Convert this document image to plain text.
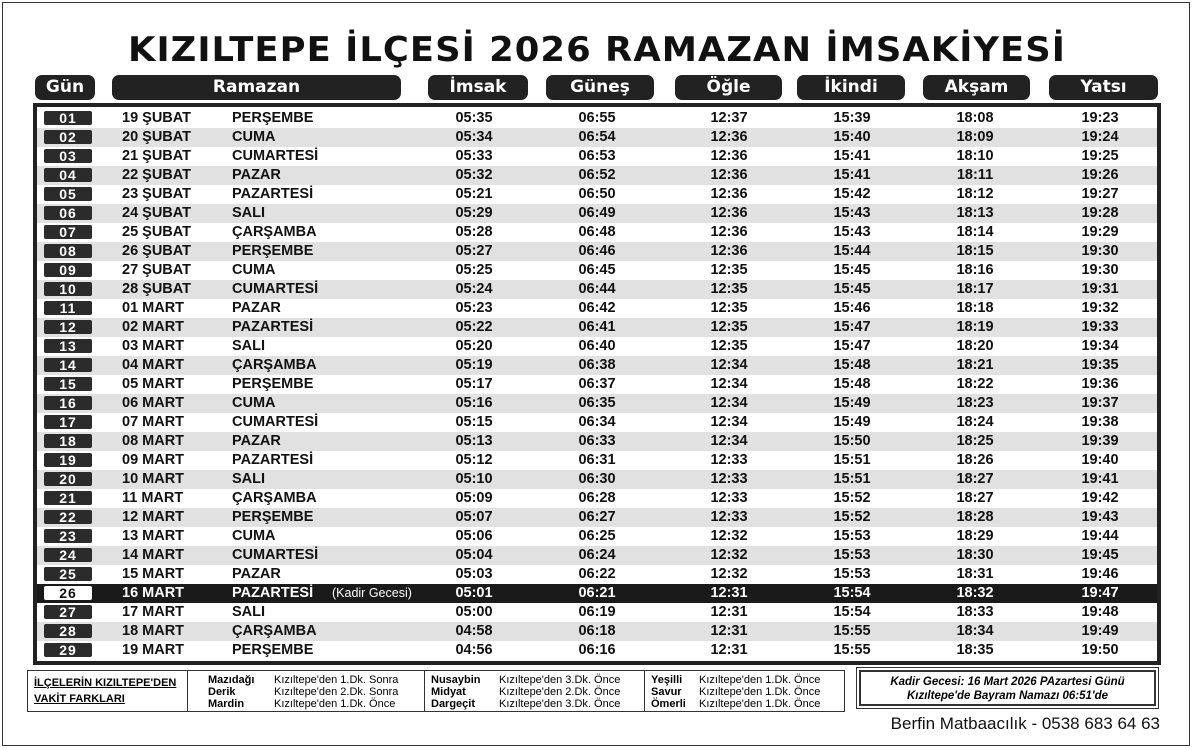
KIZILTEPE İLÇESİ 2026 RAMAZAN İMSAKİYESİ
Gün	Ramazan	İmsak	Güneş	Öğle	İkindi	Akşam	Yatsı
01	19 ŞUBAT	PERŞEMBE	05:35	06:55	12:37	15:39	18:08	19:23
02	20 ŞUBAT	CUMA	05:34	06:54	12:36	15:40	18:09	19:24
03	21 ŞUBAT	CUMARTESİ	05:33	06:53	12:36	15:41	18:10	19:25
04	22 ŞUBAT	PAZAR	05:32	06:52	12:36	15:41	18:11	19:26
05	23 ŞUBAT	PAZARTESİ	05:21	06:50	12:36	15:42	18:12	19:27
06	24 ŞUBAT	SALI	05:29	06:49	12:36	15:43	18:13	19:28
07	25 ŞUBAT	ÇARŞAMBA	05:28	06:48	12:36	15:43	18:14	19:29
08	26 ŞUBAT	PERŞEMBE	05:27	06:46	12:36	15:44	18:15	19:30
09	27 ŞUBAT	CUMA	05:25	06:45	12:35	15:45	18:16	19:30
10	28 ŞUBAT	CUMARTESİ	05:24	06:44	12:35	15:45	18:17	19:31
11	01 MART	PAZAR	05:23	06:42	12:35	15:46	18:18	19:32
12	02 MART	PAZARTESİ	05:22	06:41	12:35	15:47	18:19	19:33
13	03 MART	SALI	05:20	06:40	12:35	15:47	18:20	19:34
14	04 MART	ÇARŞAMBA	05:19	06:38	12:34	15:48	18:21	19:35
15	05 MART	PERŞEMBE	05:17	06:37	12:34	15:48	18:22	19:36
16	06 MART	CUMA	05:16	06:35	12:34	15:49	18:23	19:37
17	07 MART	CUMARTESİ	05:15	06:34	12:34	15:49	18:24	19:38
18	08 MART	PAZAR	05:13	06:33	12:34	15:50	18:25	19:39
19	09 MART	PAZARTESİ	05:12	06:31	12:33	15:51	18:26	19:40
20	10 MART	SALI	05:10	06:30	12:33	15:51	18:27	19:41
21	11 MART	ÇARŞAMBA	05:09	06:28	12:33	15:52	18:27	19:42
22	12 MART	PERŞEMBE	05:07	06:27	12:33	15:52	18:28	19:43
23	13 MART	CUMA	05:06	06:25	12:32	15:53	18:29	19:44
24	14 MART	CUMARTESİ	05:04	06:24	12:32	15:53	18:30	19:45
25	15 MART	PAZAR	05:03	06:22	12:32	15:53	18:31	19:46
26	16 MART	PAZARTESİ (Kadir Gecesi)	05:01	06:21	12:31	15:54	18:32	19:47
27	17 MART	SALI	05:00	06:19	12:31	15:54	18:33	19:48
28	18 MART	ÇARŞAMBA	04:58	06:18	12:31	15:55	18:34	19:49
29	19 MART	PERŞEMBE	04:56	06:16	12:31	15:55	18:35	19:50
İLÇELERİN KIZILTEPE'DEN VAKİT FARKLARI
Mazıdağı Kızıltepe'den 1.Dk. Sonra
Derik	Kızıltepe'den 2.Dk. Sonra
Mardin	Kızıltepe'den 1.Dk. Önce
Nusaybin Kızıltepe'den 3.Dk. Önce
Midyat	Kızıltepe'den 2.Dk. Önce
Dargeçit Kızıltepe'den 3.Dk. Önce
Yeşilli Kızıltepe'den 1.Dk. Önce
Savur Kızıltepe'den 1.Dk. Önce
Ömerli Kızıltepe'den 1.Dk. Önce
Kadir Gecesi: 16 Mart 2026 PAzartesi Günü
Kızıltepe'de Bayram Namazı 06:51'de
Berfin Matbaacılık - 0538 683 64 63
